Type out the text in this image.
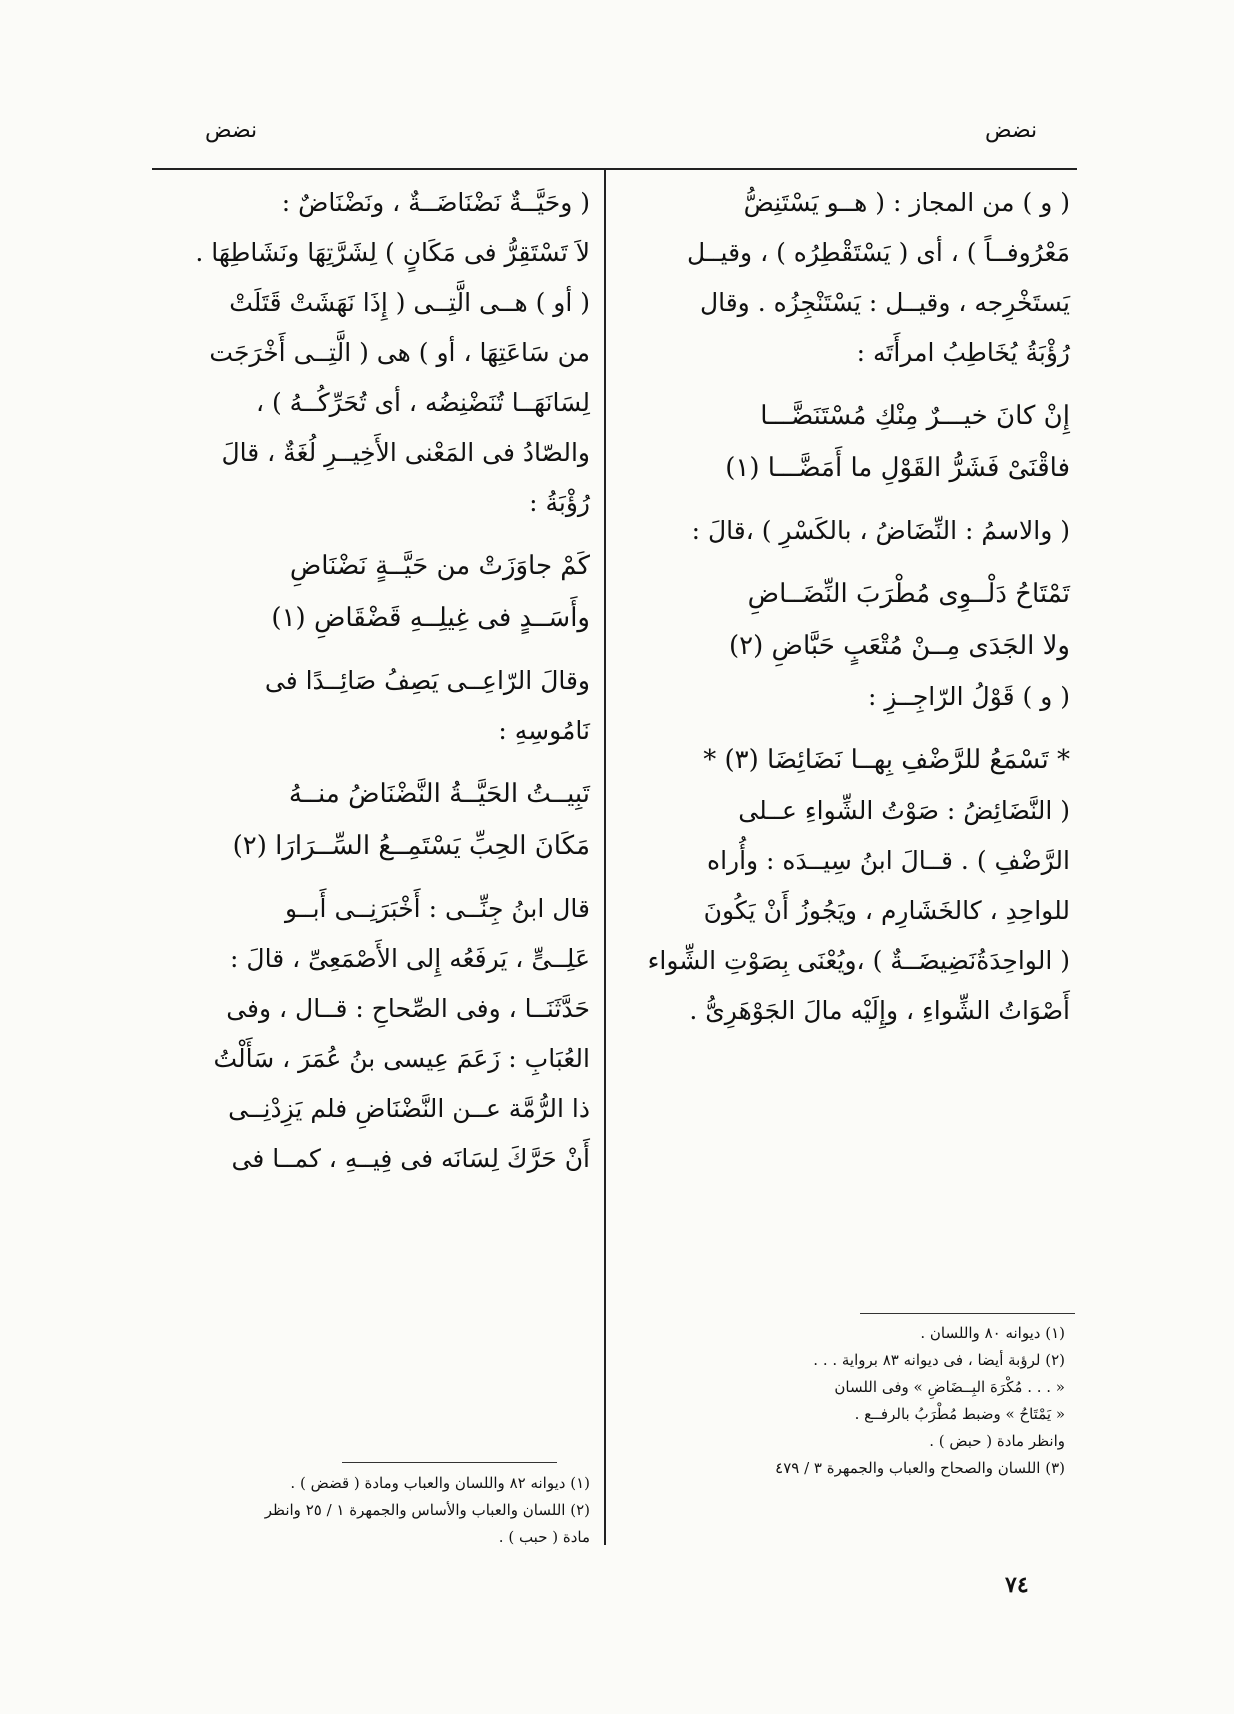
نضض
نضض
( و ) من المجاز : ( هــو يَسْتَنِضُّ
مَعْرُوفــاً ) ، أى ( يَسْتَقْطِرُه ) ، وقيــل
يَستَخْرِجه ، وقيــل : يَسْتَنْجِزُه . وقال
رُؤْبَةُ يُخَاطِبُ امرأَتَه :
إِنْ كانَ خيـــرٌ مِنْكِ مُسْتَنَضَّـــا
فاقْنَىْ فَشَرُّ القَوْلِ ما أَمَضَّـــا (١)
( والاسمُ : النِّضَاضُ ، بالكَسْرِ ) ،قالَ :
تَمْتَاحُ دَلْــوِى مُطْرَبَ النِّضَــاضِ
ولا الجَدَى مِــنْ مُتْعَبٍ حَبَّاضِ (٢)
( و ) قَوْلُ الرّاجِــزِ :
* تَسْمَعُ للرَّضْفِ بِهــا نَضَائِضَا (٣) *
( النَّضَائِضُ : صَوْتُ الشِّواءِ عــلى
الرَّضْفِ ) . قــالَ ابنُ سِيــدَه : وأُراه
للواحِدِ ، كالخَشَارِم ، ويَجُوزُ أَنْ يَكُونَ
( الواحِدَةُنَضِيضَــةٌ ) ،ويُعْنَى بِصَوْتِ الشِّواء
أَصْوَاتُ الشِّواءِ ، وإِلَيْه مالَ الجَوْهَرِىُّ .
( وحَيَّــةٌ نَضْنَاضَــةٌ ، ونَضْنَاضٌ :
لاَ تَسْتَقِرُّ فى مَكَانٍ ) لِشَرَّتِهَا ونَشَاطِهَا .
( أو ) هــى الَّتِــى ( إِذَا نَهَشَتْ قَتَلَتْ
من سَاعَتِهَا ، أو ) هى ( الَّتِــى أَخْرَجَت
لِسَانَهَــا تُنَضْنِضُه ، أى تُحَرِّكُــهُ ) ،
والصّادُ فى المَعْنى الأَخِيــرِ لُغَةٌ ، قالَ
رُؤْبَةُ :
كَمْ جاوَزَتْ من حَيَّــةٍ نَضْنَاضِ
وأَسَــدٍ فى غِيلِــهِ قَضْقَاضِ (١)
وقالَ الرّاعِــى يَصِفُ صَائِــدًا فى
نَامُوسِهِ :
تَبِيــتُ الحَيَّــةُ النَّضْنَاضُ منــهُ
مَكَانَ الحِبِّ يَسْتَمِــعُ السِّــرَارَا (٢)
قال ابنُ جِنِّــى : أَخْبَرَنِــى أَبــو
عَلِــىٍّ ، يَرفَعُه إِلى الأَصْمَعِىِّ ، قالَ :
حَدَّثَنَــا ، وفى الصِّحاحِ : قــال ، وفى
العُبَابِ : زَعَمَ عِيسى بنُ عُمَرَ ، سَأَلْتُ
ذا الرُّمَّة عــن النَّضْنَاضِ فلم يَزِدْنِــى
أَنْ حَرَّكَ لِسَانَه فى فِيــهِ ، كمــا فى
(١) ديوانه ٨٠ واللسان .
(٢) لرؤبة أيضا ، فى ديوانه ٨٣ برواية . . .
« . . . مُكْرَهَ البِــضَاضِ » وفى اللسان
« يَمْتَاحُ » وضبط مُطْرَبُ بالرفــع .
وانظر مادة ( حبض ) .
(٣) اللسان والصحاح والعباب والجمهرة ٣ / ٤٧٩
(١) ديوانه ٨٢ واللسان والعباب ومادة ( قضض ) .
(٢) اللسان والعباب والأساس والجمهرة ١ / ٢٥ وانظر
مادة ( حبب ) .
٧٤
